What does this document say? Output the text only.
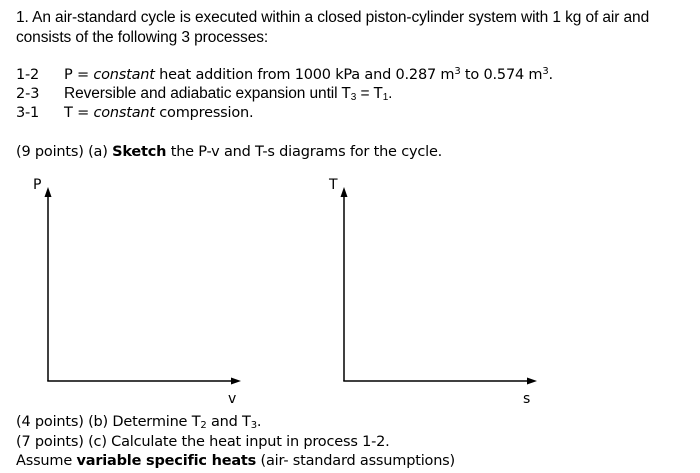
1. An air-standard cycle is executed within a closed piston-cylinder system with 1 kg of air and
consists of the following 3 processes:
1-2 P = constant heat addition from 1000 kPa and 0.287 $m^3$ to 0.574 $m^3$.
2-3 Reversible and adiabatic expansion until $T_3 = T_1$.
3-1 T = constant compression.
(9 points) (a) Sketch the P-v and T-s diagrams for the cycle.
P
v
T
s
(4 points) (b) Determine $T_2$ and $T_3$.
(7 points) (c) Calculate the heat input in process 1-2.
Assume variable specific heats (air- standard assumptions)
